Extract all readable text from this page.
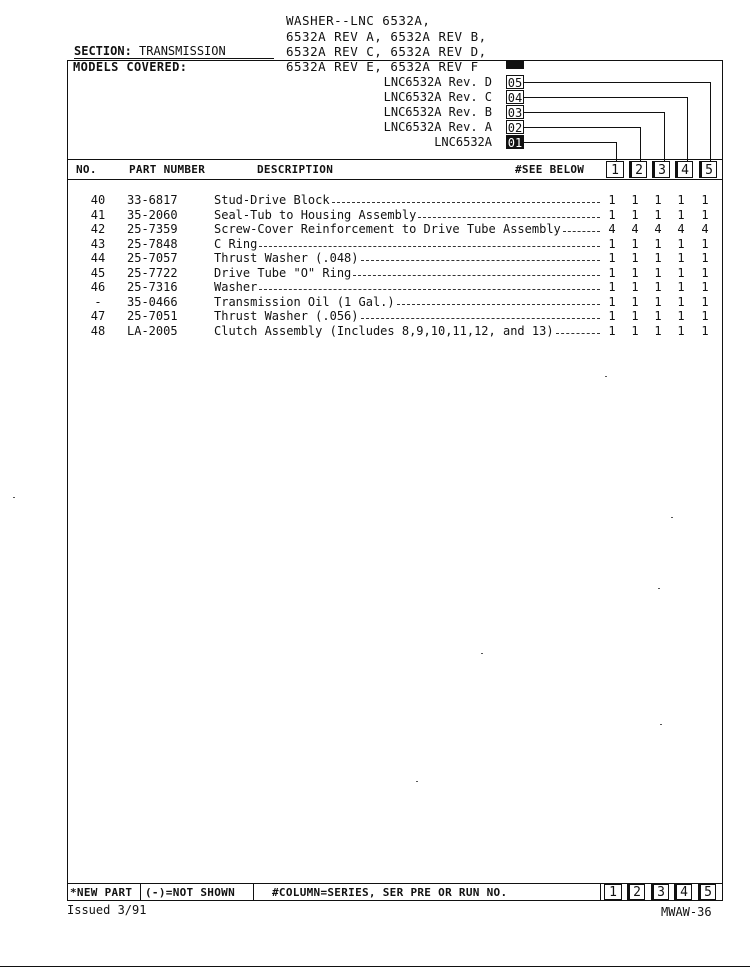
WASHER--LNC 6532A,
6532A REV A, 6532A REV B,
6532A REV C, 6532A REV D,
6532A REV E, 6532A REV F
SECTION: TRANSMISSION
MODELS COVERED:
LNC6532A Rev. D 05
LNC6532A Rev. C 04
LNC6532A Rev. B 03
LNC6532A Rev. A 02
LNC6532A 01
NO.	PART NUMBER	DESCRIPTION	#SEE BELOW	1	2	3	4	5
40 33-6817	Stud-Drive Block	1 1 1 1 1
41 35-2060	Seal-Tub to Housing Assembly	1 1 1 1 1
42 25-7359	Screw-Cover Reinforcement to Drive Tube Assembly	4 4 4 4 4
43 25-7848	C Ring	1 1 1 1 1
44 25-7057	Thrust Washer (.048)	1 1 1 1 1
45 25-7722	Drive Tube "O" Ring	1 1 1 1 1
46 25-7316	Washer	1 1 1 1 1
-	35-0466	Transmission Oil (1 Gal.)	1 1 1 1 1
47 25-7051	Thrust Washer (.056)	1 1 1 1 1
48 LA-2005	Clutch Assembly (Includes 8,9,10,11,12, and 13)	1 1 1 1 1
*NEW PART (-)=NOT SHOWN	#COLUMN=SERIES, SER PRE OR RUN NO.	1	2	3	4	5
Issued 3/91	MWAW-36
